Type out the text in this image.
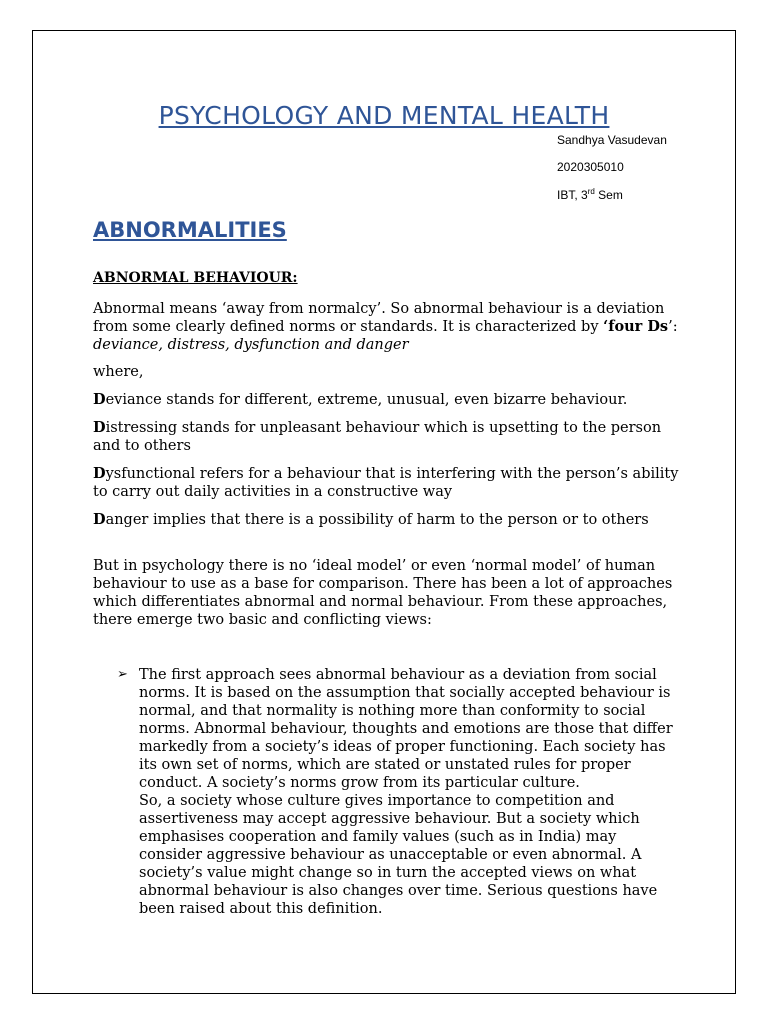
PSYCHOLOGY AND MENTAL HEALTH
Sandhya Vasudevan
2020305010
IBT, 3rd Sem
ABNORMALITIES
ABNORMAL BEHAVIOUR:

Abnormal means ‘away from normalcy’. So abnormal behaviour is a deviation from some clearly defined norms or standards. It is characterized by ‘four Ds’: deviance, distress, dysfunction and danger

where,

Deviance stands for different, extreme, unusual, even bizarre behaviour.

Distressing stands for unpleasant behaviour which is upsetting to the person and to others

Dysfunctional refers for a behaviour that is interfering with the person’s ability to carry out daily activities in a constructive way

Danger implies that there is a possibility of harm to the person or to others

But in psychology there is no ‘ideal model’ or even ‘normal model’ of human behaviour to use as a base for comparison. There has been a lot of approaches which differentiates abnormal and normal behaviour. From these approaches, there emerge two basic and conflicting views:

➢ The first approach sees abnormal behaviour as a deviation from social norms. It is based on the assumption that socially accepted behaviour is normal, and that normality is nothing more than conformity to social norms. Abnormal behaviour, thoughts and emotions are those that differ markedly from a society’s ideas of proper functioning. Each society has its own set of norms, which are stated or unstated rules for proper conduct. A society’s norms grow from its particular culture.
So, a society whose culture gives importance to competition and assertiveness may accept aggressive behaviour. But a society which emphasises cooperation and family values (such as in India) may consider aggressive behaviour as unacceptable or even abnormal. A society’s value might change so in turn the accepted views on what abnormal behaviour is also changes over time. Serious questions have been raised about this definition.
